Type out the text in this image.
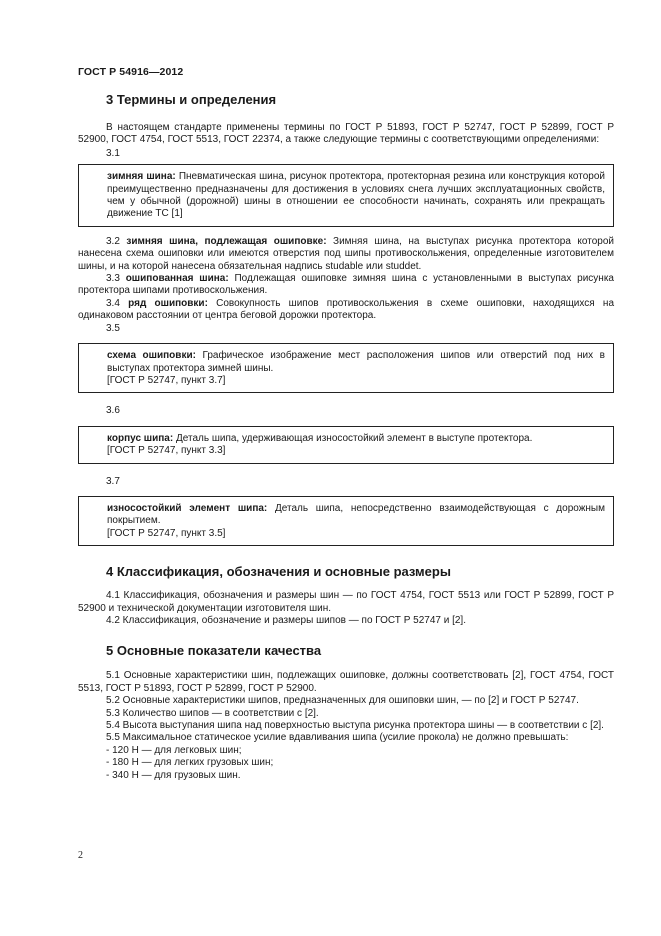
ГОСТ Р 54916—2012
3 Термины и определения

В настоящем стандарте применены термины по ГОСТ Р 51893, ГОСТ Р 52747, ГОСТ Р 52899, ГОСТ Р 52900, ГОСТ 4754, ГОСТ 5513, ГОСТ 22374, а также следующие термины с соответствующими определениями:

3.1

зимняя шина: Пневматическая шина, рисунок протектора, протекторная резина или конструкция которой преимущественно предназначены для достижения в условиях снега лучших эксплуатационных свойств, чем у обычной (дорожной) шины в отношении ее способности начинать, сохранять или прекращать движение ТС [1]

3.2 зимняя шина, подлежащая ошиповке: Зимняя шина, на выступах рисунка протектора которой нанесена схема ошиповки или имеются отверстия под шипы противоскольжения, определенные изготовителем шины, и на которой нанесена обязательная надпись studable или studdet.

3.3 ошипованная шина: Подлежащая ошиповке зимняя шина с установленными в выступах рисунка протектора шипами противоскольжения.

3.4 ряд ошиповки: Совокупность шипов противоскольжения в схеме ошиповки, находящихся на одинаковом расстоянии от центра беговой дорожки протектора.

3.5

схема ошиповки: Графическое изображение мест расположения шипов или отверстий под них в выступах протектора зимней шины.

[ГОСТ Р 52747, пункт 3.7]

3.6

корпус шипа: Деталь шипа, удерживающая износостойкий элемент в выступе протектора.

[ГОСТ Р 52747, пункт 3.3]

3.7

износостойкий элемент шипа: Деталь шипа, непосредственно взаимодействующая с дорожным покрытием.

[ГОСТ Р 52747, пункт 3.5]

4 Классификация, обозначения и основные размеры

4.1 Классификация, обозначения и размеры шин — по ГОСТ 4754, ГОСТ 5513 или ГОСТ Р 52899, ГОСТ Р 52900 и технической документации изготовителя шин.

4.2 Классификация, обозначение и размеры шипов — по ГОСТ Р 52747 и [2].

5 Основные показатели качества

5.1 Основные характеристики шин, подлежащих ошиповке, должны соответствовать [2], ГОСТ 4754, ГОСТ 5513, ГОСТ Р 51893, ГОСТ Р 52899, ГОСТ Р 52900.

5.2 Основные характеристики шипов, предназначенных для ошиповки шин, — по [2] и ГОСТ Р 52747.

5.3 Количество шипов — в соответствии с [2].

5.4 Высота выступания шипа над поверхностью выступа рисунка протектора шины — в соответствии с [2].

5.5 Максимальное статическое усилие вдавливания шипа (усилие прокола) не должно превышать:

- 120 Н — для легковых шин;

- 180 Н — для легких грузовых шин;

- 340 Н — для грузовых шин.

2
